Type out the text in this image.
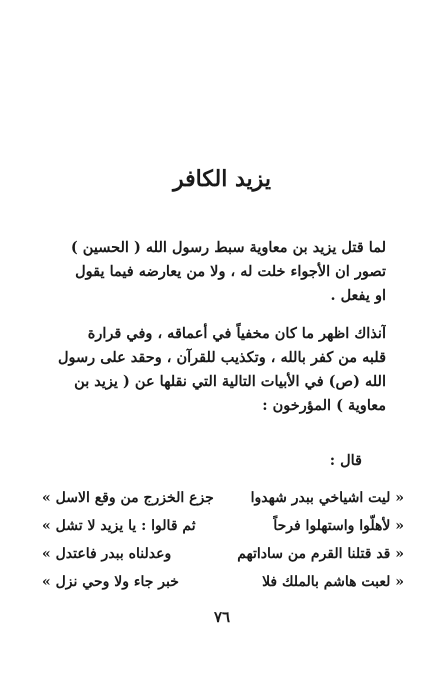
يزيد الكافر
لما قتل يزيد بن معاوية سبط رسول الله ( الحسين )
تصور ان الأجواء خلت له ، ولا من يعارضه فيما يقول
او يفعل .
آنذاك اظهر ما كان مخفياً في أعماقه ، وفي قرارة
قلبه من كفر بالله ، وتكذيب للقرآن ، وحقد على رسول
الله (ص) في الأبيات التالية التي نقلها عن ( يزيد بن
معاوية ) المؤرخون :
قال :
« ليت اشياخي ببدر شهدوا
جزع الخزرج من وقع الاسل »
« لأهلّوا واستهلوا فرحاً
ثم قالوا : يا يزيد لا تشل »
« قد قتلنا القرم من ساداتهم
وعدلناه ببدر فاعتدل »
« لعبت هاشم بالملك فلا
خبر جاء ولا وحي نزل »
٧٦
